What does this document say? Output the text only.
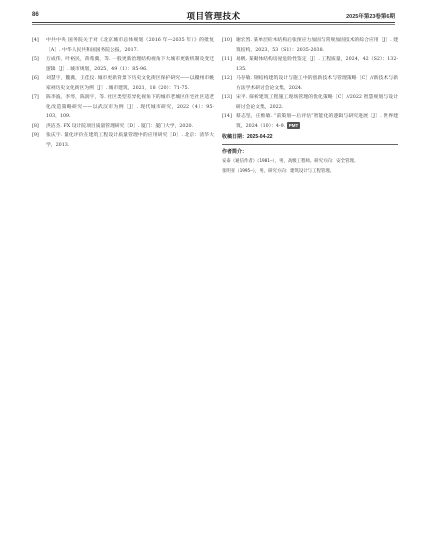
86	项目管理技术	2025年第23卷第6期
[4] 中共中央 国务院关于对《北京城市总体规划（2016 年—2035 年）》的批复［A］. 中华人民共和国国务院公报，2017.
[5] 万成伟，叶裕民，蒋希冀，等. 一般更新治理结构视角下大城市更新机制及变迁逻辑［J］. 城市规划，2025，49（1）：85-96.
[6] 刘慧宇，魏冀，王佳仪. 城市更新背景下历史文化街区保护研究——以赣州市姚家祠历史文化街区为例［J］. 城市建筑，2021，18（20）：71-75.
[7] 陈李波，李琴，陈润宇，等. 社区类型差异化视角下的城市老城区住宅社区适老化改造策略研究——以武汉市为例［J］. 现代城市研究，2022（4）：95-103，109.
[8] 洪洁杰. FX 设计院项目质量管理研究［D］. 厦门：厦门大学，2020.
[9] 张庆宇. 量化评价在建筑工程设计质量管理中的应用研究［D］. 北京：清华大学，2013.
[10] 谢宏烈. 某单层砼木结构后张预应力加固与常规加固技术的综合应用［J］. 建筑结构，2023，53（S1）：2035-2038.
[11] 易帆. 某砌体结构房屋危险性鉴定［J］. 工程质量，2024，42（S2）：132-135.
[12] 马存敏. 钢结构建筑设计与施工中的创新技术与管理策略［C］//新技术与新方法学术研讨会论文集，2024.
[13] 宋平. 探析建筑工程施工现场管理的优化策略［C］//2022 智慧规划与设计研讨会论文集，2022.
[14] 蔡志坚，庄惟敏. “前策划—后评估”智能化的逻辑与研究进展［J］. 世界建筑，2024（10）：4-9. PMT
收稿日期：2025-04-22
作者简介：
安泰（通信作者）（1981—），男，高级工程师。研究方向：安全管理。
张明亚（1995—），男，研究方向：建筑设计与工程管理。
